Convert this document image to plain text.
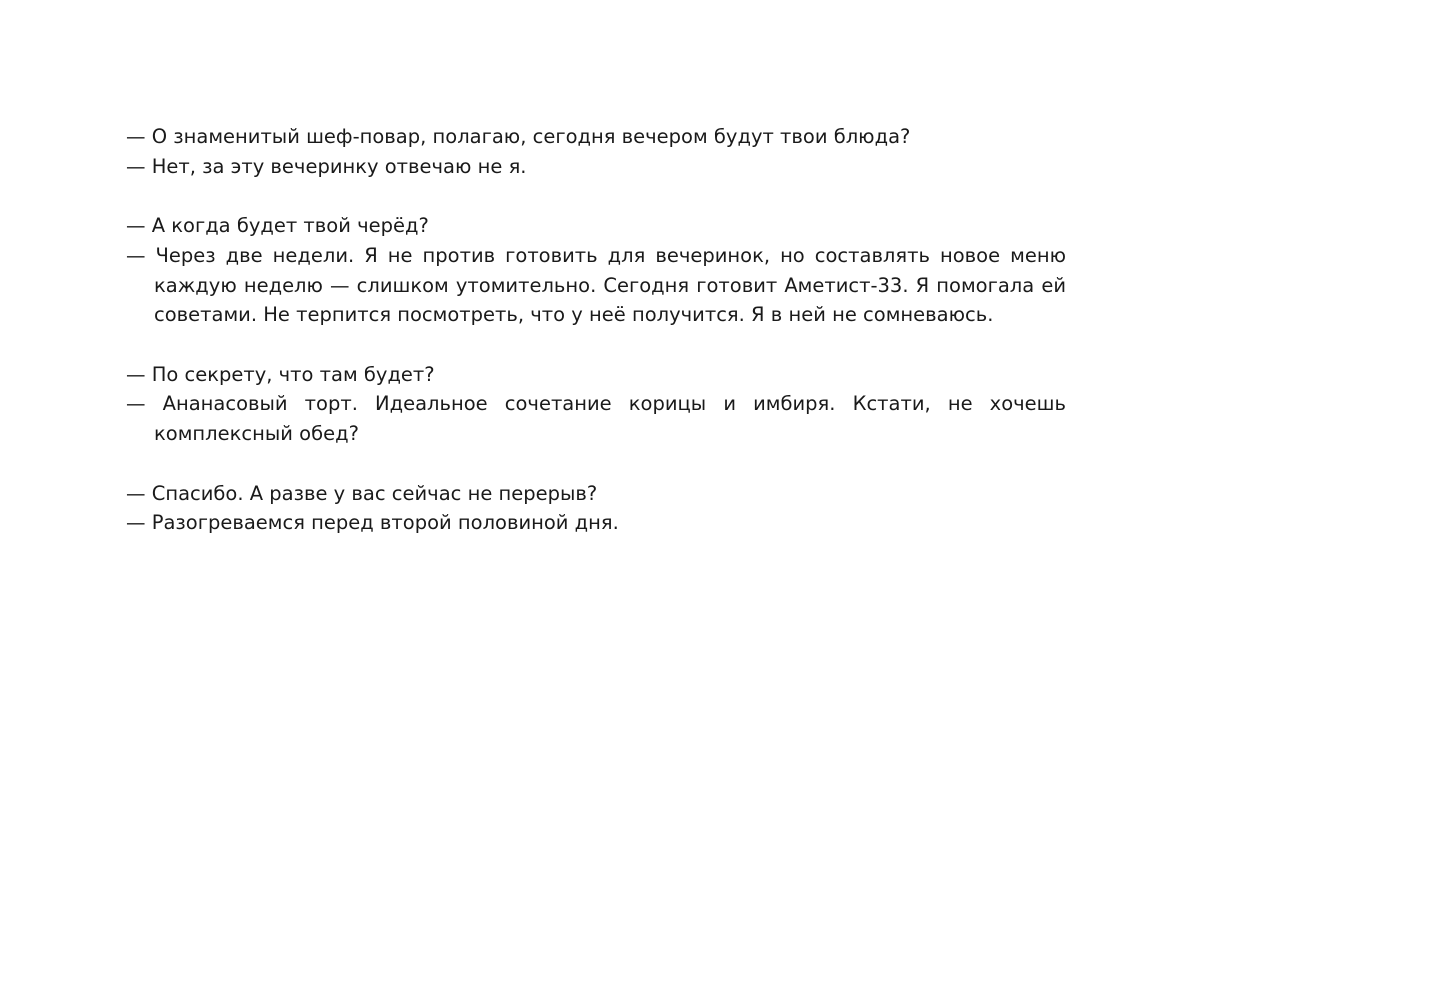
— О знаменитый шеф-повар, полагаю, сегодня вечером будут твои блюда?

— Нет, за эту вечеринку отвечаю не я.

— А когда будет твой черёд?

— Через две недели. Я не против готовить для вечеринок, но составлять новое меню каждую неделю — слишком утомительно. Сегодня готовит Аметист-33. Я помогала ей советами. Не терпится посмотреть, что у неё получится. Я в ней не сомневаюсь.

— По секрету, что там будет?

— Ананасовый торт. Идеальное сочетание корицы и имбиря. Кстати, не хочешь комплексный обед?

— Спасибо. А разве у вас сейчас не перерыв?

— Разогреваемся перед второй половиной дня.
